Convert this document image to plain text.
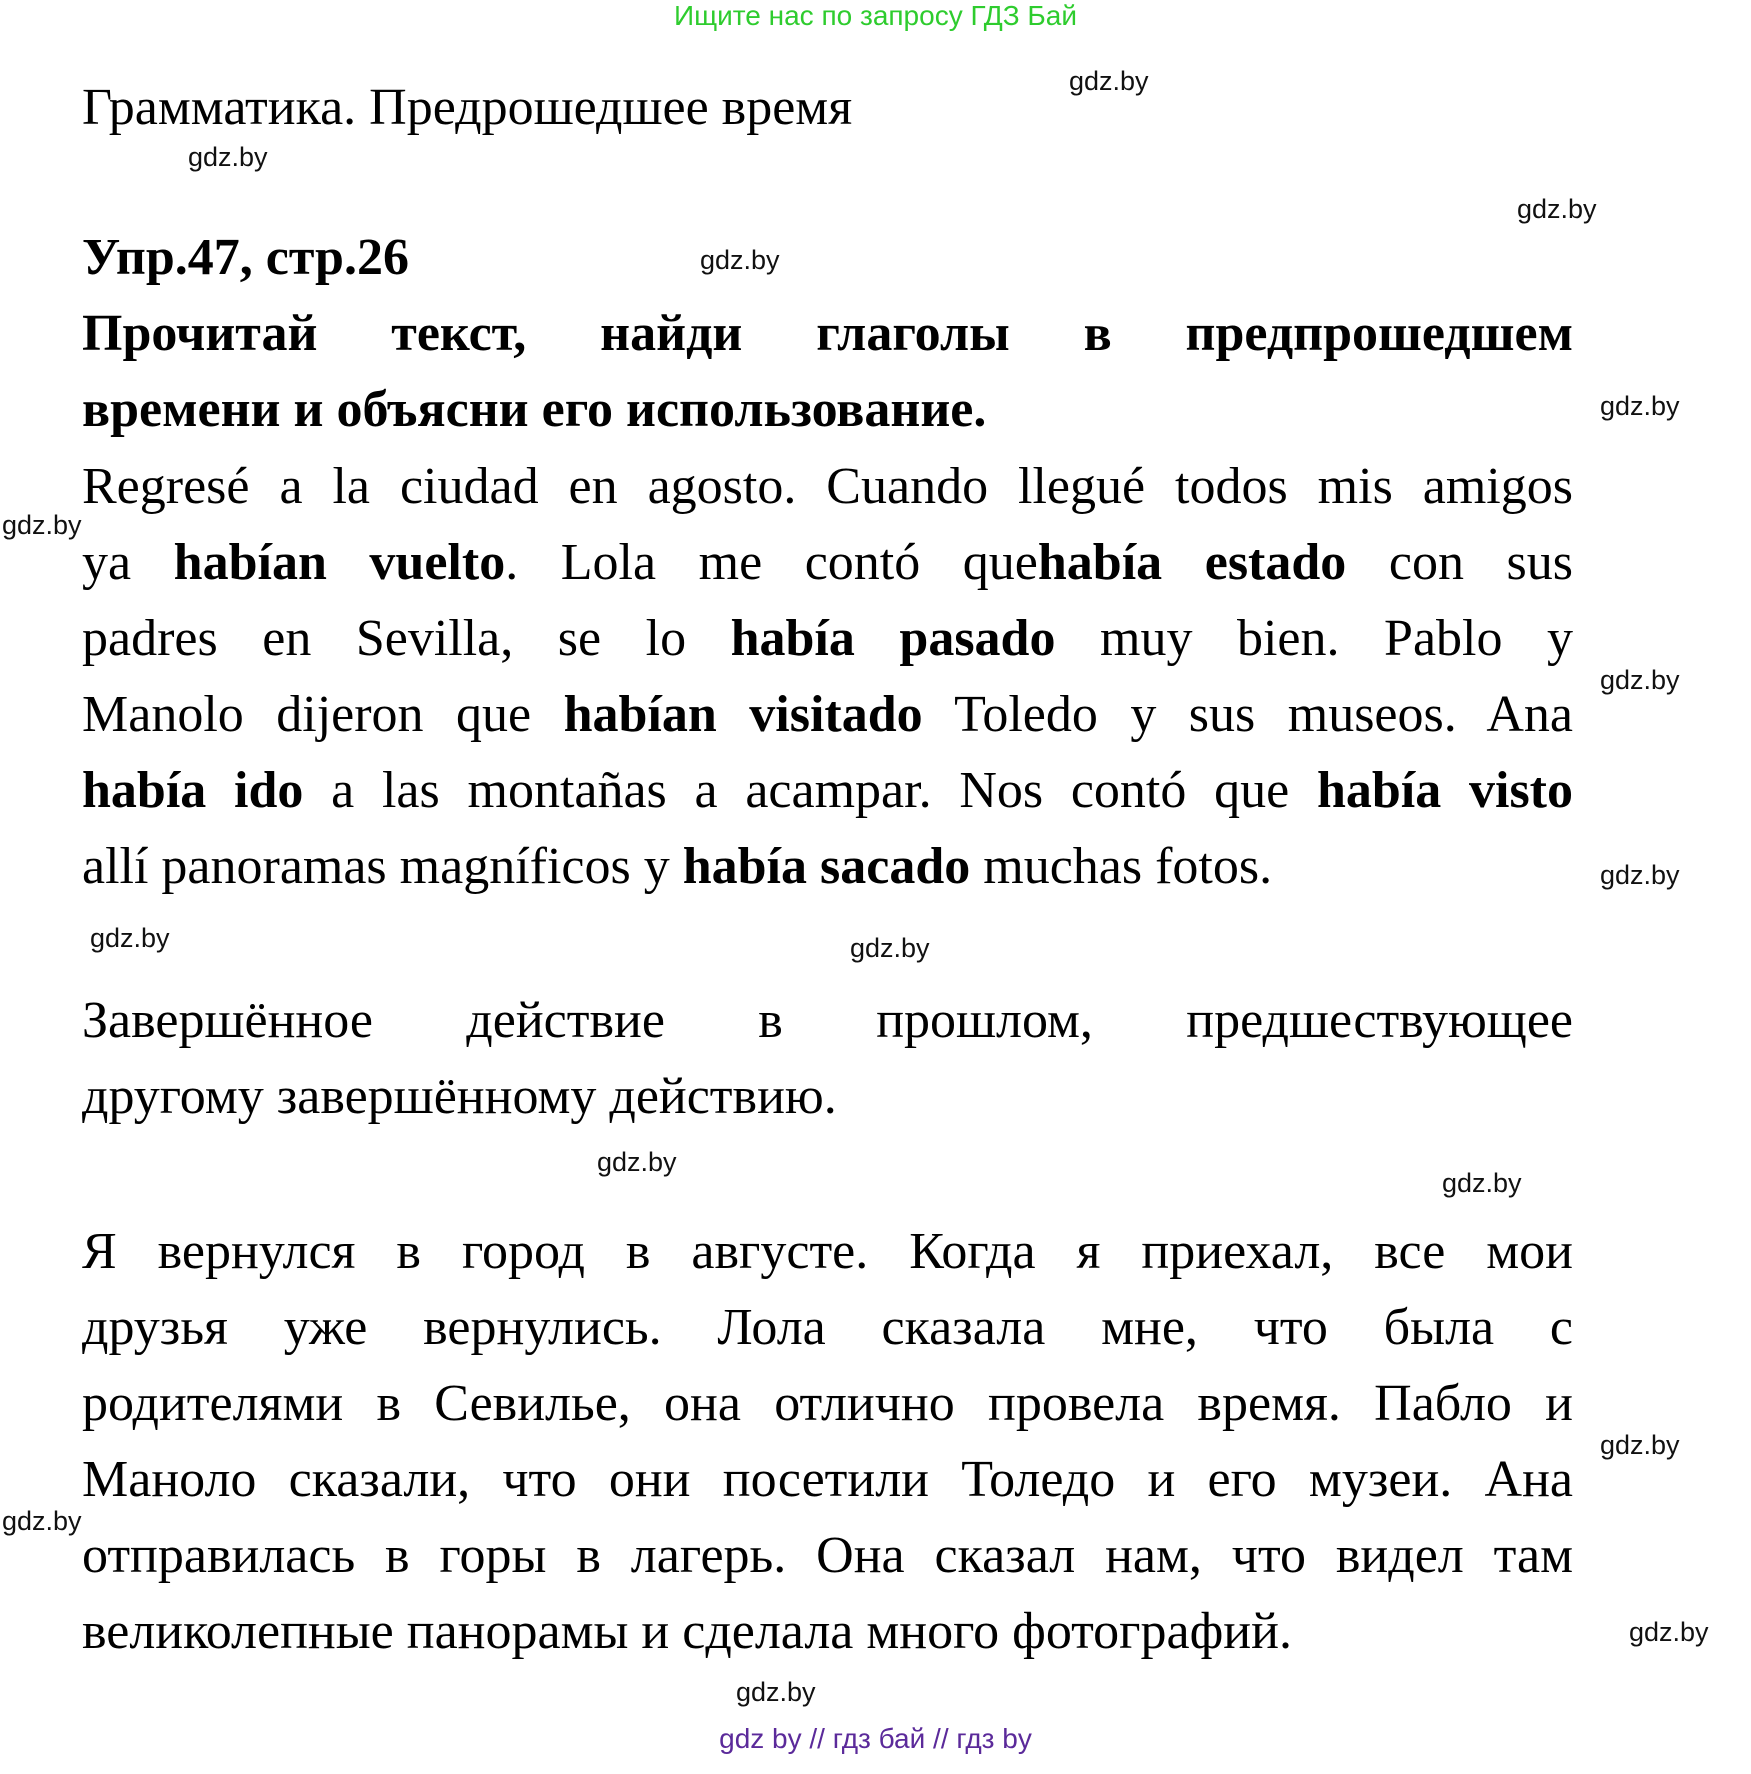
Ищите нас по запросу ГДЗ Бай
Грамматика. Предрошедшее время
Упр.47, стр.26
Прочитай текст, найди глаголы в предпрошедшем
времени и объясни его использование.
Regresé a la ciudad en agosto. Cuando llegué todos mis amigos
ya habían vuelto. Lola me contó quehabía estado con sus
padres en Sevilla, se lo había pasado muy bien. Pablo y
Manolo dijeron que habían visitado Toledo y sus museos. Ana
había ido a las montañas a acampar. Nos contó que había visto
allí panoramas magníficos y había sacado muchas fotos.
Завершённое действие в прошлом, предшествующее
другому завершённому действию.
Я вернулся в город в августе. Когда я приехал, все мои
друзья уже вернулись. Лола сказала мне, что была с
родителями в Севилье, она отлично провела время. Пабло и
Маноло сказали, что они посетили Толедо и его музеи. Ана
отправилась в горы в лагерь. Она сказал нам, что видел там
великолепные панорамы и сделала много фотографий.
gdz.by
gdz.by
gdz.by
gdz.by
gdz.by
gdz.by
gdz.by
gdz.by
gdz.by	gdz.by
gdz.by
gdz.by
gdz.by
gdz.by
gdz.by
gdz.by
gdz by // гдз бай // гдз by
